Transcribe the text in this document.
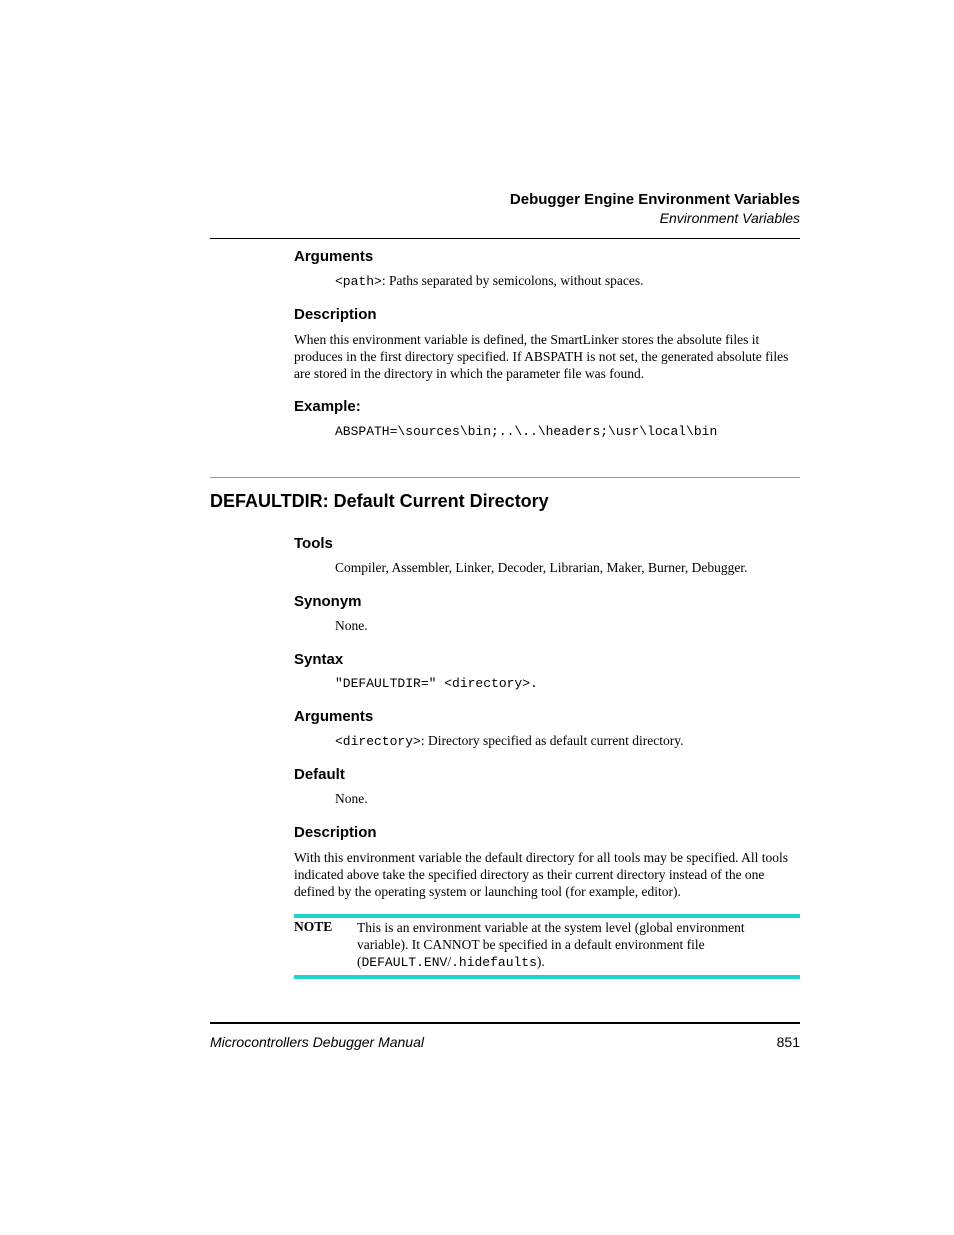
Debugger Engine Environment Variables
Environment Variables
Arguments
<path>: Paths separated by semicolons, without spaces.
Description
When this environment variable is defined, the SmartLinker stores the absolute files it produces in the first directory specified. If ABSPATH is not set, the generated absolute files are stored in the directory in which the parameter file was found.
Example:
ABSPATH=\sources\bin;..\..\headers;\usr\local\bin
DEFAULTDIR: Default Current Directory
Tools
Compiler, Assembler, Linker, Decoder, Librarian, Maker, Burner, Debugger.
Synonym
None.
Syntax
"DEFAULTDIR=" <directory>.
Arguments
<directory>: Directory specified as default current directory.
Default
None.
Description
With this environment variable the default directory for all tools may be specified. All tools indicated above take the specified directory as their current directory instead of the one defined by the operating system or launching tool (for example, editor).
NOTE This is an environment variable at the system level (global environment variable). It CANNOT be specified in a default environment file (DEFAULT.ENV/.hidefaults).
Microcontrollers Debugger Manual	851
